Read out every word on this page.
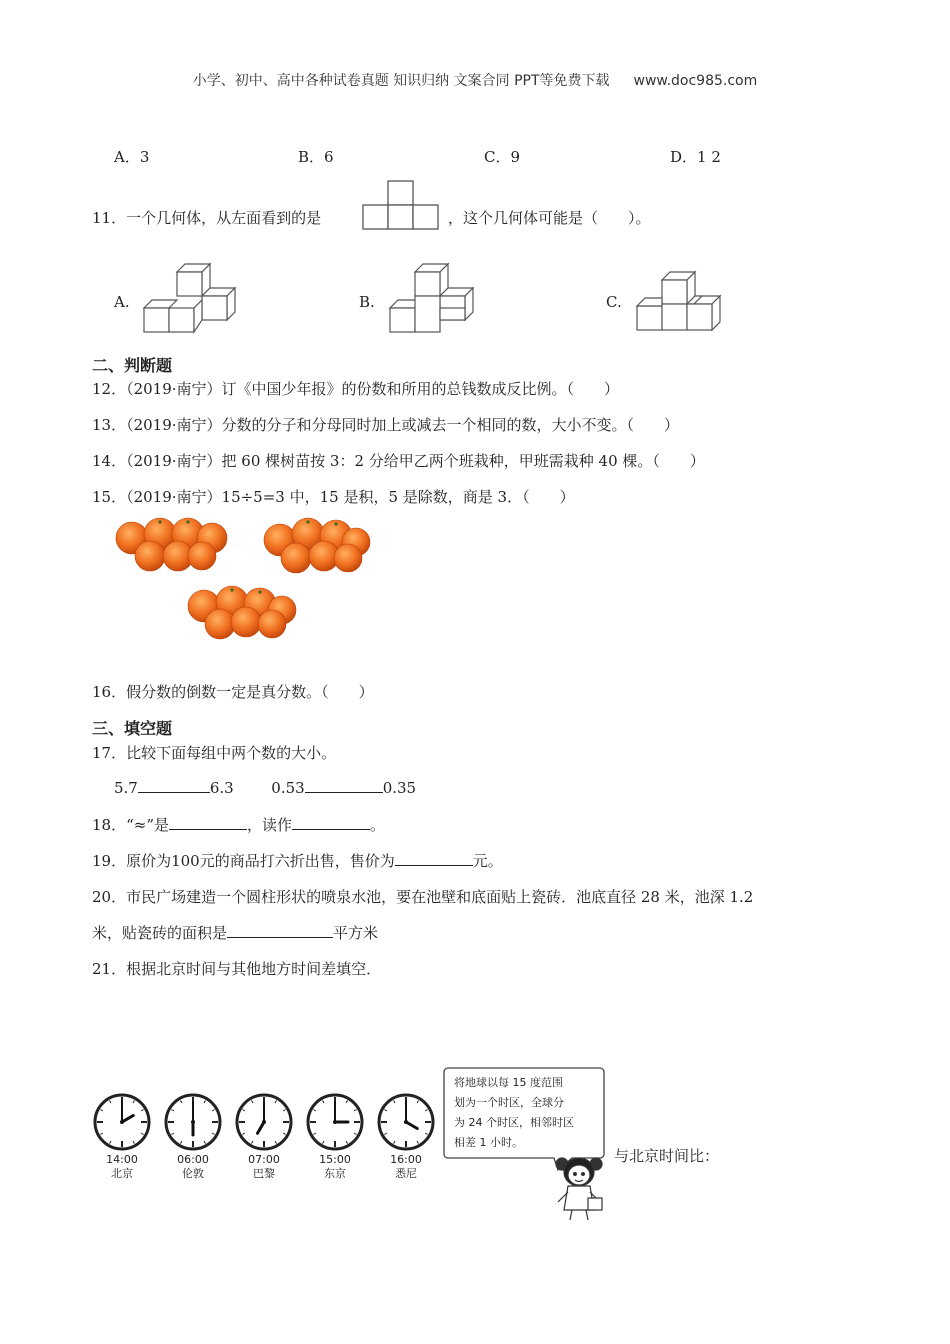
小学、初中、高中各种试卷真题 知识归纳 文案合同 PPT等免费下载 www.doc985.com
A．3	B．6	C．9	D．1 2
11．一个几何体，从左面看到的是	，这个几何体可能是（　　）。
A.	B.	C.
二、判断题
12．（2019·南宁）订《中国少年报》的份数和所用的总钱数成反比例。（　　）
13．（2019·南宁）分数的分子和分母同时加上或减去一个相同的数，大小不变。（　　）
14．（2019·南宁）把 60 棵树苗按 3：2 分给甲乙两个班栽种，甲班需栽种 40 棵。（　　）
15．（2019·南宁）15÷5=3 中，15 是积，5 是除数，商是 3．（　　）
16．假分数的倒数一定是真分数。（　　）
三、填空题
17．比较下面每组中两个数的大小。
5.7	6.3	0.53	0.35
18．“≈”是	，读作	。
19．原价为100元的商品打六折出售，售价为	元。
20．市民广场建造一个圆柱形状的喷泉水池，要在池壁和底面贴上瓷砖．池底直径 28 米，池深 1.2
米，贴瓷砖的面积是	平方米
21．根据北京时间与其他地方时间差填空．
14:00
北京
06:00
伦敦
07:00
巴黎
15:00
东京
16:00
悉尼
将地球以每 15 度范围
划为一个时区，全球分
为 24 个时区，相邻时区
相差 1 小时。
与北京时间比：
